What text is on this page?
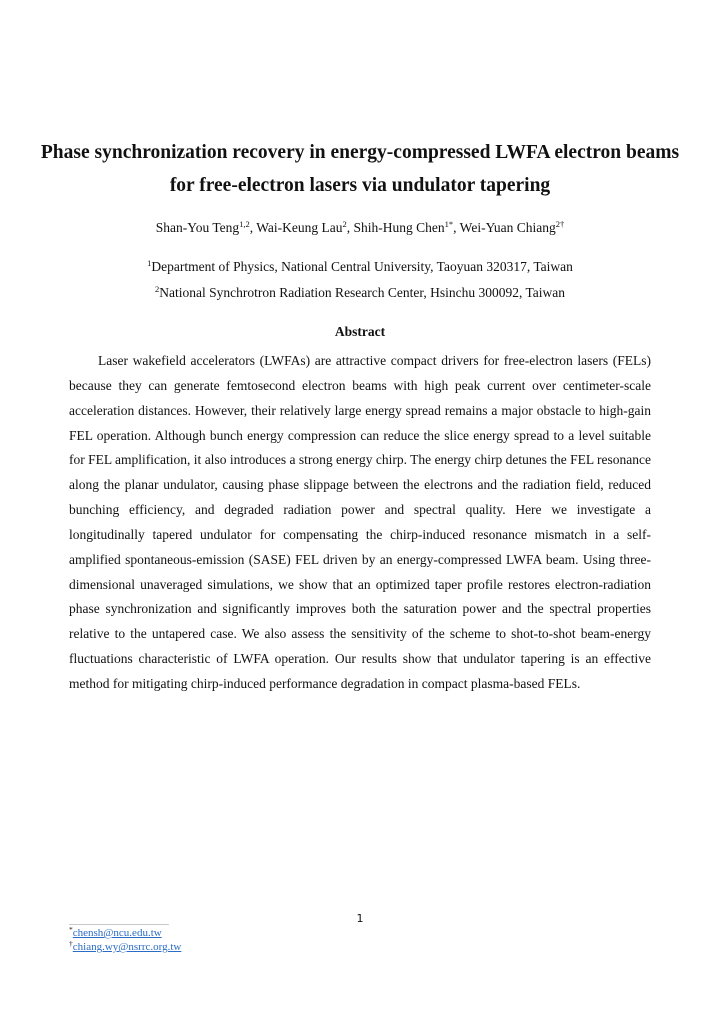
Phase synchronization recovery in energy-compressed LWFA electron beams for free-electron lasers via undulator tapering
Shan-You Teng$^{1,2}$, Wai-Keung Lau$^2$, Shih-Hung Chen$^{1*}$, Wei-Yuan Chiang$^{2\dagger}$
$^1$Department of Physics, National Central University, Taoyuan 320317, Taiwan
$^2$National Synchrotron Radiation Research Center, Hsinchu 300092, Taiwan
Abstract

Laser wakefield accelerators (LWFAs) are attractive compact drivers for free-electron lasers (FELs) because they can generate femtosecond electron beams with high peak current over centimeter-scale acceleration distances. However, their relatively large energy spread remains a major obstacle to high-gain FEL operation. Although bunch energy compression can reduce the slice energy spread to a level suitable for FEL amplification, it also introduces a strong energy chirp. The energy chirp detunes the FEL resonance along the planar undulator, causing phase slippage between the electrons and the radiation field, reduced bunching efficiency, and degraded radiation power and spectral quality. Here we investigate a longitudinally tapered undulator for compensating the chirp-induced resonance mismatch in a self-amplified spontaneous-emission (SASE) FEL driven by an energy-compressed LWFA beam. Using three-dimensional unaveraged simulations, we show that an optimized taper profile restores electron-radiation phase synchronization and significantly improves both the saturation power and the spectral properties relative to the untapered case. We also assess the sensitivity of the scheme to shot-to-shot beam-energy fluctuations characteristic of LWFA operation. Our results show that undulator tapering is an effective method for mitigating chirp-induced performance degradation in compact plasma-based FELs.

1
*chensh@ncu.edu.tw
†chiang.wy@nsrrc.org.tw
